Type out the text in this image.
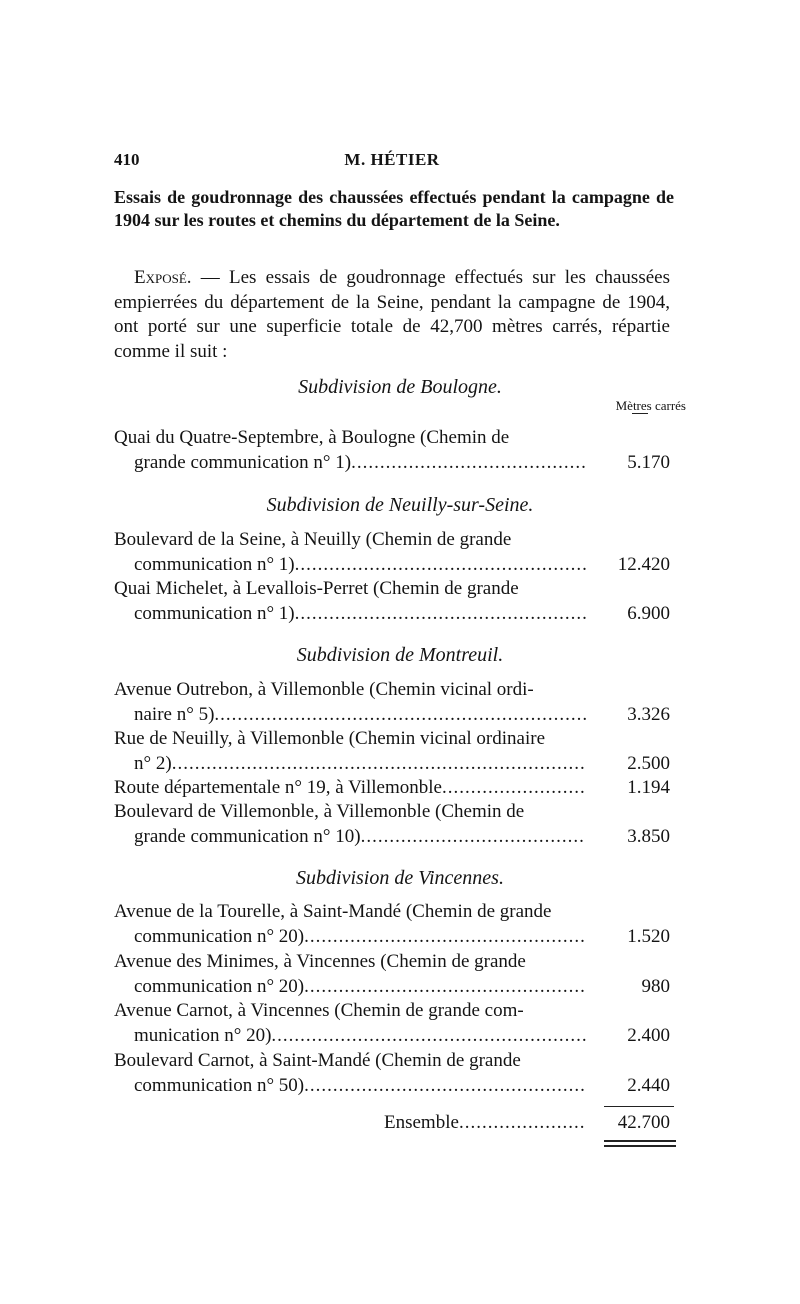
410	M. HÉTIER
Essais de goudronnage des chaussées effectués pendant la campagne de 1904 sur les routes et chemins du département de la Seine.

Exposé. — Les essais de goudronnage effectués sur les chaussées empierrées du département de la Seine, pendant la campagne de 1904, ont porté sur une superficie totale de 42,700 mètres carrés, répartie comme il suit :

Mètres carrés
Subdivision de Boulogne.
Quai du Quatre-Septembre, à Boulogne (Chemin de
grande communication n° 1) .....	5.170
Subdivision de Neuilly-sur-Seine.
Boulevard de la Seine, à Neuilly (Chemin de grande
communication n° 1) .....	12.420
Quai Michelet, à Levallois-Perret (Chemin de grande
communication n° 1) .....	6.900
Subdivision de Montreuil.
Avenue Outrebon, à Villemonble (Chemin vicinal ordi-
naire n° 5) .....	3.326
Rue de Neuilly, à Villemonble (Chemin vicinal ordinaire
n° 2) .....	2.500
Route départementale n° 19, à Villemonble .....	1.194
Boulevard de Villemonble, à Villemonble (Chemin de
grande communication n° 10) .....	3.850
Subdivision de Vincennes.
Avenue de la Tourelle, à Saint-Mandé (Chemin de grande
communication n° 20) .....	1.520
Avenue des Minimes, à Vincennes (Chemin de grande
communication n° 20) .....	980
Avenue Carnot, à Vincennes (Chemin de grande com-
munication n° 20) .....	2.400
Boulevard Carnot, à Saint-Mandé (Chemin de grande
communication n° 50) .....	2.440
Ensemble .....	42.700
